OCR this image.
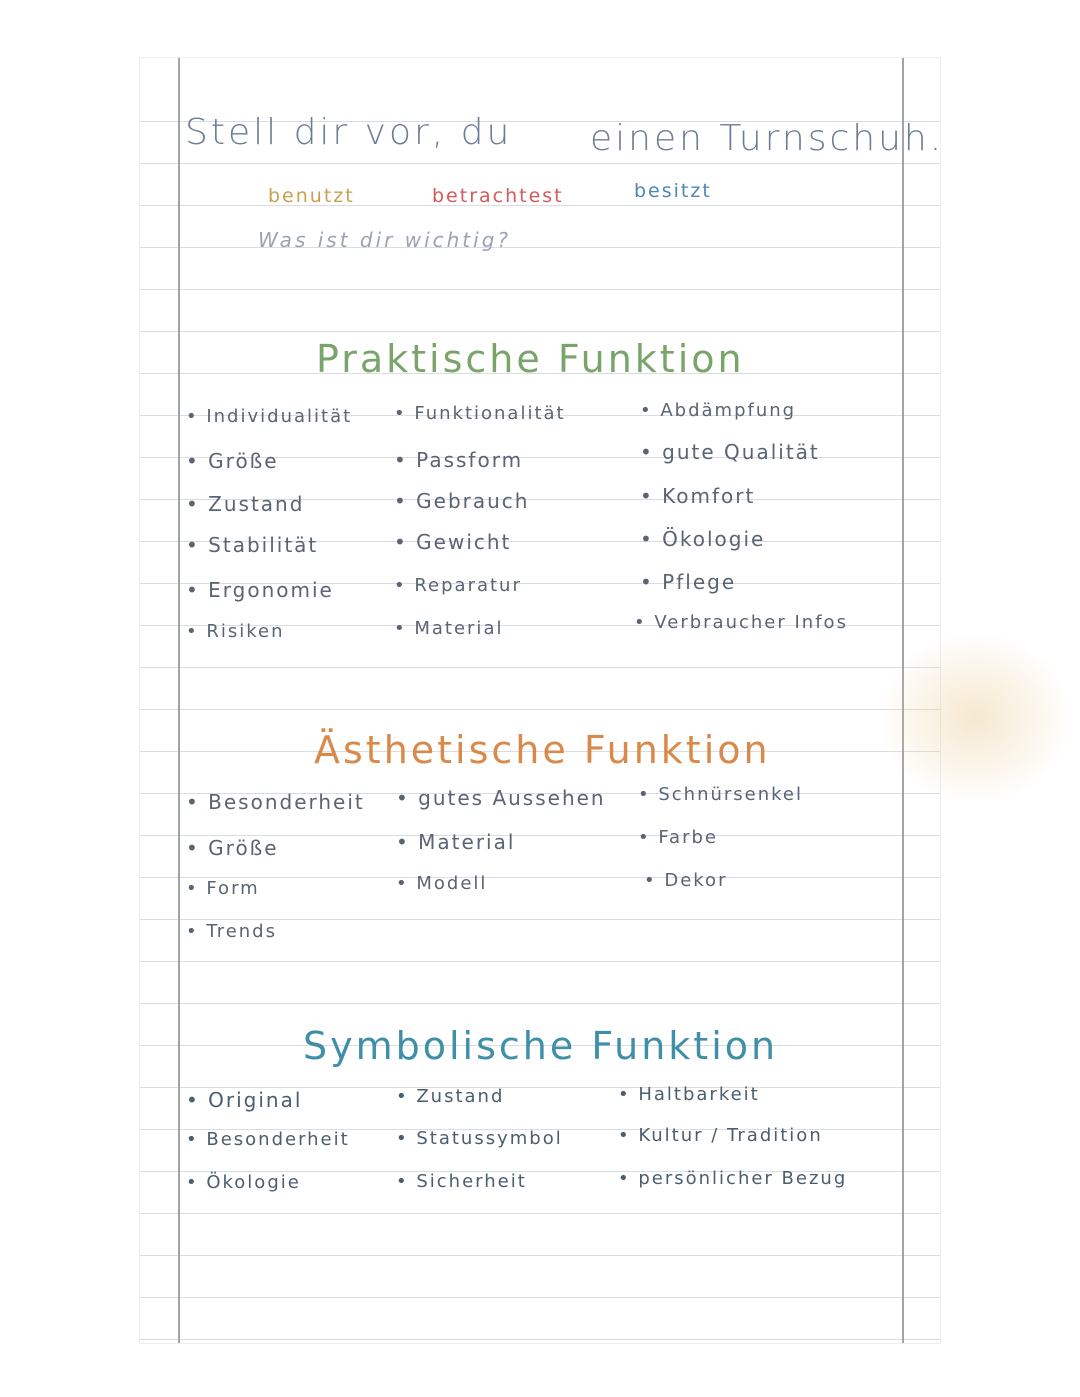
Stell dir vor, du einen Turnschuh.
benutzt	betrachtest	besitzt
Was ist dir wichtig?
Praktische Funktion
• Individualität
• Größe
• Zustand
• Stabilität
• Ergonomie
• Risiken
• Funktionalität
• Passform
• Gebrauch
• Gewicht
• Reparatur
• Material
• Abdämpfung
• gute Qualität
• Komfort
• Ökologie
• Pflege
• Verbraucher Infos
Ästhetische Funktion
• Besonderheit
• Größe
• Form
• Trends
• gutes Aussehen
• Material
• Modell
• Schnürsenkel
• Farbe
• Dekor
Symbolische Funktion
• Original
• Besonderheit
• Ökologie
• Zustand
• Statussymbol
• Sicherheit
• Haltbarkeit
• Kultur / Tradition
• persönlicher Bezug
